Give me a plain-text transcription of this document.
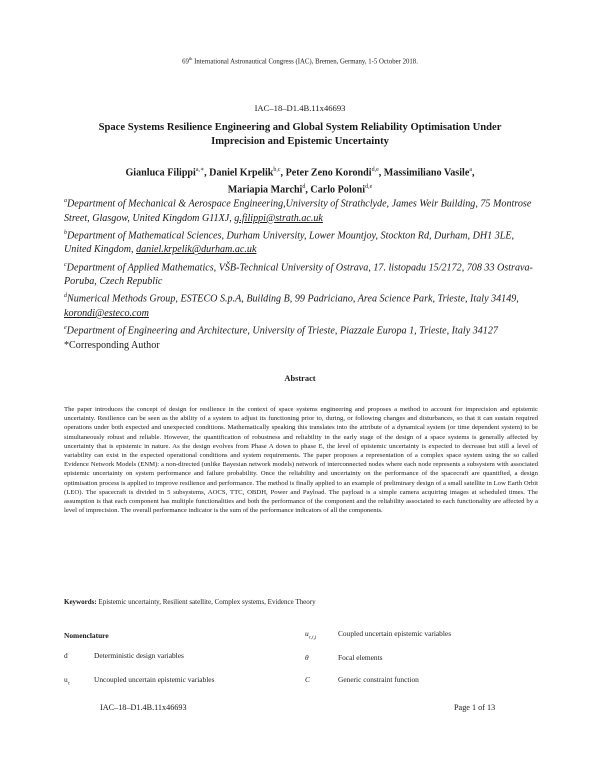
69th International Astronautical Congress (IAC), Bremen, Germany, 1-5 October 2018.
IAC–18–D1.4B.11x46693
Space Systems Resilience Engineering and Global System Reliability Optimisation Under
Imprecision and Epistemic Uncertainty
Gianluca Filippi$^{a,∗}$, Daniel Krpelik$^{b,c}$, Peter Zeno Korondi$^{d,e}$, Massimiliano Vasile$^a$,
Mariapia Marchi$^d$, Carlo Poloni$^{d,e}$
$^a$Department of Mechanical & Aerospace Engineering,University of Strathclyde, James Weir Building, 75 Montrose Street, Glasgow, United Kingdom G11XJ, g.filippi@strath.ac.uk
$^b$Department of Mathematical Sciences, Durham University, Lower Mountjoy, Stockton Rd, Durham, DH1 3LE, United Kingdom, daniel.krpelik@durham.ac.uk
$^c$Department of Applied Mathematics, VŠB-Technical University of Ostrava, 17. listopadu 15/2172, 708 33 Ostrava-Poruba, Czech Republic
$^d$Numerical Methods Group, ESTECO S.p.A, Building B, 99 Padriciano, Area Science Park, Trieste, Italy 34149, korondi@esteco.com
$^e$Department of Engineering and Architecture, University of Trieste, Piazzale Europa 1, Trieste, Italy 34127
*Corresponding Author
Abstract
The paper introduces the concept of design for resilience in the context of space systems engineering and proposes a method to account for imprecision and epistemic uncertainty. Resilience can be seen as the ability of a system to adjust its functioning prior to, during, or following changes and disturbances, so that it can sustain required operations under both expected and unexpected conditions. Mathematically speaking this translates into the attribute of a dynamical system (or time dependent system) to be simultaneously robust and reliable. However, the quantification of robustness and reliability in the early stage of the design of a space systems is generally affected by uncertainty that is epistemic in nature. As the design evolves from Phase A down to phase E, the level of epistemic uncertainty is expected to decrease but still a level of variability can exist in the expected operational conditions and system requirements. The paper proposes a representation of a complex space system using the so called Evidence Network Models (ENM): a non-directed (unlike Bayesian network models) network of interconnected nodes where each node represents a subsystem with associated epistemic uncertainty on system performance and failure probability. Once the reliability and uncertainty on the performance of the spacecraft are quantified, a design optimisation process is applied to improve resilience and performance. The method is finally applied to an example of preliminary design of a small satellite in Low Earth Orbit (LEO). The spacecraft is divided in 5 subsystems, AOCS, TTC, OBDH, Power and Payload. The payload is a simple camera acquiring images at scheduled times. The assumption is that each component has multiple functionalities and both the performance of the component and the reliability associated to each functionality are affected by a level of imprecision. The overall performance indicator is the sum of the performance indicators of all the components.
Keywords: Epistemic uncertainty, Resilient satellite, Complex systems, Evidence Theory
Nomenclature
d	Deterministic design variables
$u_c$	Uncoupled uncertain epistemic variables
$u_{c,i,j}$	Coupled uncertain epistemic variables
θ	Focal elements
C	Generic constraint function
IAC–18–D1.4B.11x46693	Page 1 of 13
